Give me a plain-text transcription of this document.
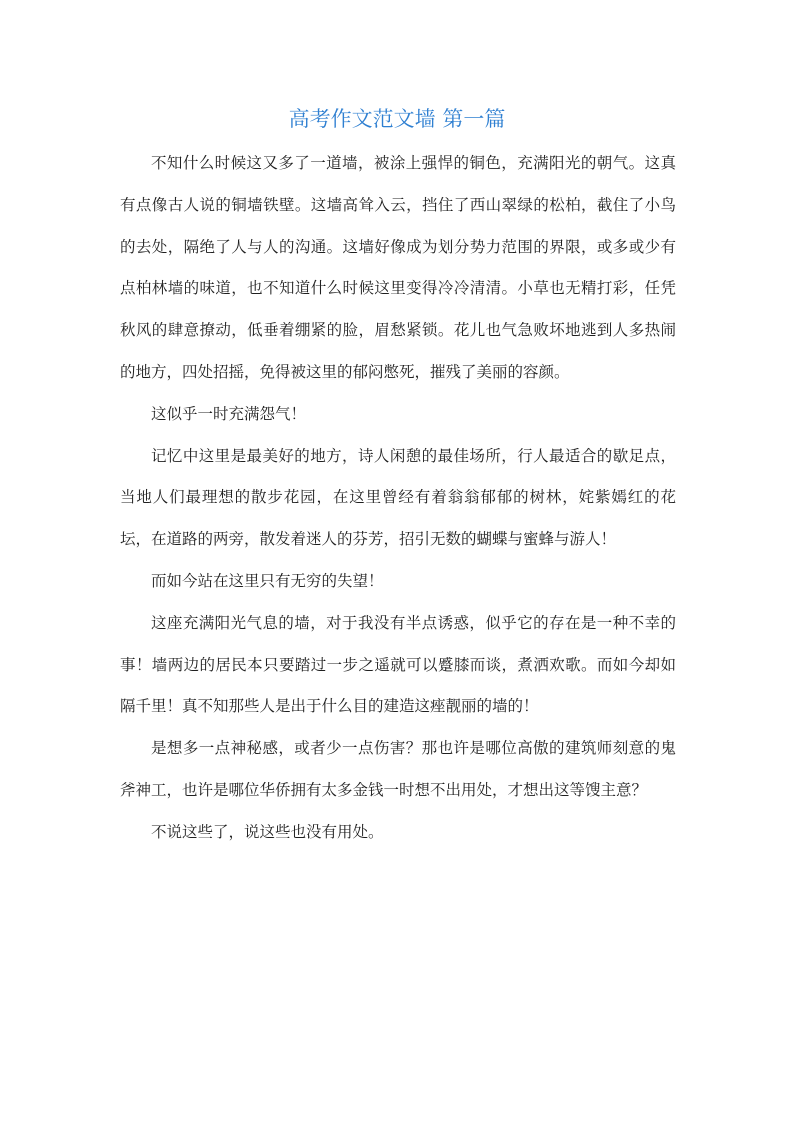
高考作文范文墙 第一篇

不知什么时候这又多了一道墙，被涂上强悍的铜色，充满阳光的朝气。这真有点像古人说的铜墙铁壁。这墙高耸入云，挡住了西山翠绿的松柏，截住了小鸟的去处，隔绝了人与人的沟通。这墙好像成为划分势力范围的界限，或多或少有点柏林墙的味道，也不知道什么时候这里变得冷冷清清。小草也无精打彩，任凭秋风的肆意撩动，低垂着绷紧的脸，眉愁紧锁。花儿也气急败坏地逃到人多热闹的地方，四处招摇，免得被这里的郁闷憋死，摧残了美丽的容颜。

这似乎一时充满怨气！

记忆中这里是最美好的地方，诗人闲憩的最佳场所，行人最适合的歇足点，当地人们最理想的散步花园，在这里曾经有着翁翁郁郁的树林，姹紫嫣红的花坛，在道路的两旁，散发着迷人的芬芳，招引无数的蝴蝶与蜜蜂与游人！

而如今站在这里只有无穷的失望！

这座充满阳光气息的墙，对于我没有半点诱惑，似乎它的存在是一种不幸的事！墙两边的居民本只要踏过一步之遥就可以蹙膝而谈，煮洒欢歌。而如今却如隔千里！真不知那些人是出于什么目的建造这痤靓丽的墙的！

是想多一点神秘感，或者少一点伤害？那也许是哪位高傲的建筑师刻意的鬼斧神工，也许是哪位华侨拥有太多金钱一时想不出用处，才想出这等馊主意？

不说这些了，说这些也没有用处。
